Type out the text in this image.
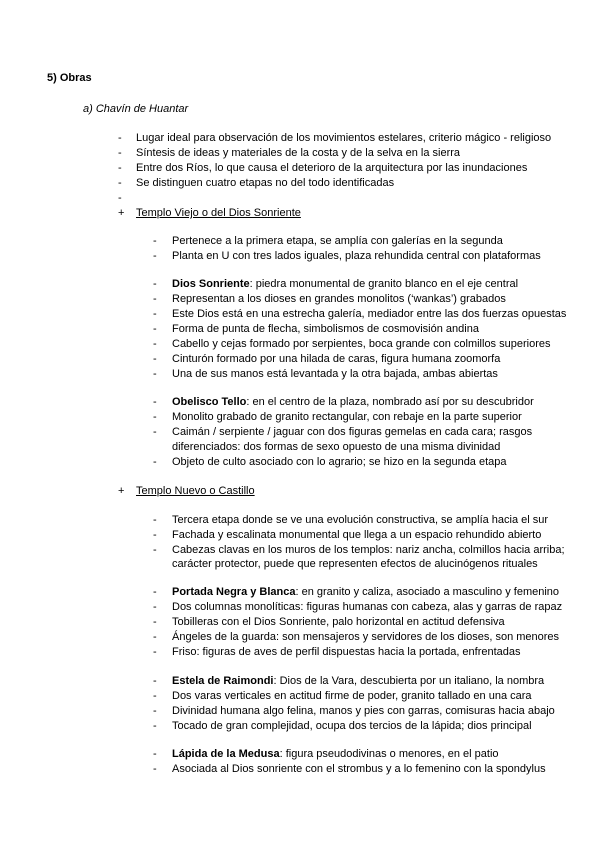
5) Obras
a) Chavín de Huantar
- Lugar ideal para observación de los movimientos estelares, criterio mágico - religioso
- Síntesis de ideas y materiales de la costa y de la selva en la sierra
- Entre dos Ríos, lo que causa el deterioro de la arquitectura por las inundaciones
- Se distinguen cuatro etapas no del todo identificadas
-
+ Templo Viejo o del Dios Sonriente
- Pertenece a la primera etapa, se amplía con galerías en la segunda
- Planta en U con tres lados iguales, plaza rehundida central con plataformas
- Dios Sonriente: piedra monumental de granito blanco en el eje central
- Representan a los dioses en grandes monolitos (‘wankas’) grabados
- Este Dios está en una estrecha galería, mediador entre las dos fuerzas opuestas
- Forma de punta de flecha, simbolismos de cosmovisión andina
- Cabello y cejas formado por serpientes, boca grande con colmillos superiores
- Cinturón formado por una hilada de caras, figura humana zoomorfa
- Una de sus manos está levantada y la otra bajada, ambas abiertas
- Obelisco Tello: en el centro de la plaza, nombrado así por su descubridor
- Monolito grabado de granito rectangular, con rebaje en la parte superior
- Caimán / serpiente / jaguar con dos figuras gemelas en cada cara; rasgos
diferenciados: dos formas de sexo opuesto de una misma divinidad
- Objeto de culto asociado con lo agrario; se hizo en la segunda etapa
+ Templo Nuevo o Castillo
- Tercera etapa donde se ve una evolución constructiva, se amplía hacia el sur
- Fachada y escalinata monumental que llega a un espacio rehundido abierto
- Cabezas clavas en los muros de los templos: nariz ancha, colmillos hacia arriba;
carácter protector, puede que representen efectos de alucinógenos rituales
- Portada Negra y Blanca: en granito y caliza, asociado a masculino y femenino
- Dos columnas monolíticas: figuras humanas con cabeza, alas y garras de rapaz
- Tobilleras con el Dios Sonriente, palo horizontal en actitud defensiva
- Ángeles de la guarda: son mensajeros y servidores de los dioses, son menores
- Friso: figuras de aves de perfil dispuestas hacia la portada, enfrentadas
- Estela de Raimondi: Dios de la Vara, descubierta por un italiano, la nombra
- Dos varas verticales en actitud firme de poder, granito tallado en una cara
- Divinidad humana algo felina, manos y pies con garras, comisuras hacia abajo
- Tocado de gran complejidad, ocupa dos tercios de la lápida; dios principal
- Lápida de la Medusa: figura pseudodivinas o menores, en el patio
- Asociada al Dios sonriente con el strombus y a lo femenino con la spondylus
